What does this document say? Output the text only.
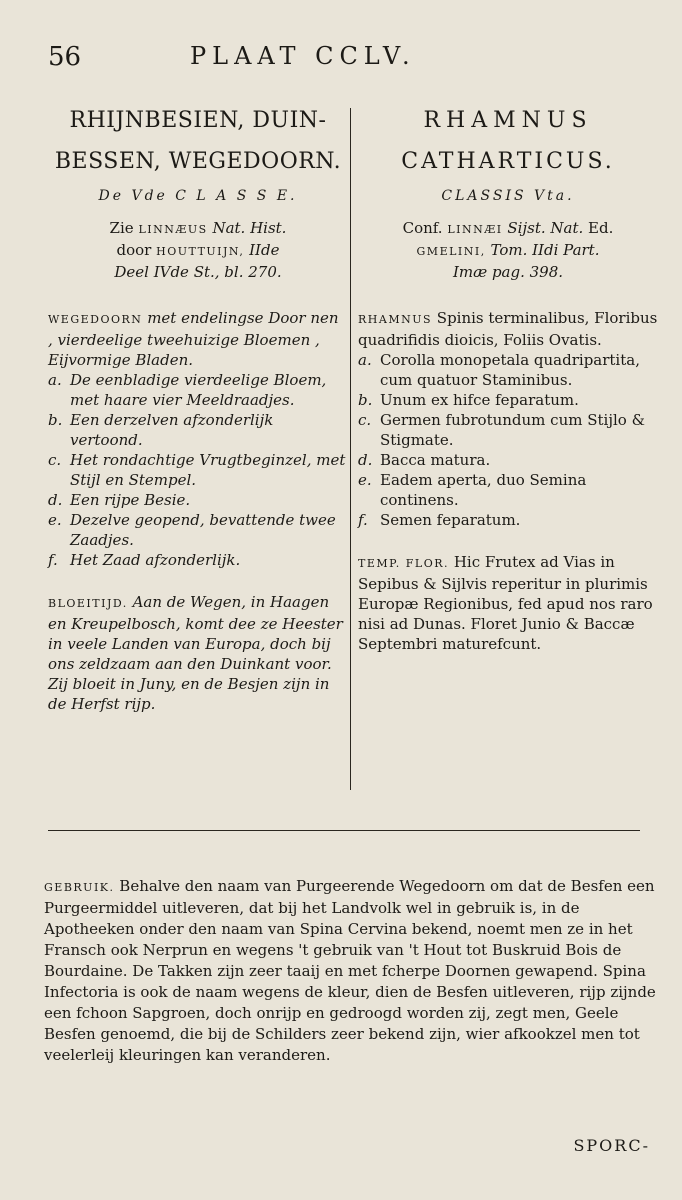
56	PLAAT CCLV.
RHIJNBESIEN, DUIN-
BESSEN, WEGEDOORN.
De Vde C L A S S E.
Zie LINNÆUS Nat. Hist.
door HOUTTUIJN, IIde
Deel IVde St., bl. 270.
WEGEDOORN met endelingse Door nen , vierdeelige tweehuizige Bloemen , Eijvormige Bladen.
a. De eenbladige vierdeelige Bloem, met haare vier Meeldraadjes.
b. Een derzelven afzonderlijk vertoond.
c. Het rondachtige Vrugtbeginzel, met Stijl en Stempel.
d. Een rijpe Besie.
e. Dezelve geopend, bevattende twee Zaadjes.
f. Het Zaad afzonderlijk.
BLOEITIJD. Aan de Wegen, in Haagen en Kreupelbosch, komt dee ze Heester in veele Landen van Europa, doch bij ons zeldzaam aan den Duinkant voor. Zij bloeit in Juny, en de Besjen zijn in de Herfst rijp.
RHAMNUS
CATHARTICUS.
CLASSIS Vta.
Conf. LINNÆI Sijst. Nat. Ed.
GMELINI, Tom. IIdi Part.
Imæ pag. 398.
RHAMNUS Spinis terminalibus, Floribus quadrifidis dioicis, Foliis Ovatis.
a. Corolla monopetala quadripartita, cum quatuor Staminibus.
b. Unum ex hifce feparatum.
c. Germen fubrotundum cum Stijlo & Stigmate.
d. Bacca matura.
e. Eadem aperta, duo Semina continens.
f. Semen feparatum.
TEMP. FLOR. Hic Frutex ad Vias in Sepibus & Sijlvis reperitur in plurimis Europæ Regionibus, fed apud nos raro nisi ad Dunas. Floret Junio & Baccæ Septembri maturefcunt.
GEBRUIK. Behalve den naam van Purgeerende Wegedoorn om dat de Besfen een Purgeermiddel uitleveren, dat bij het Landvolk wel in gebruik is, in de Apotheeken onder den naam van Spina Cervina bekend, noemt men ze in het Fransch ook Nerprun en wegens 't gebruik van 't Hout tot Buskruid Bois de Bourdaine. De Takken zijn zeer taaij en met fcherpe Doornen gewapend. Spina Infectoria is ook de naam wegens de kleur, dien de Besfen uitleveren, rijp zijnde een fchoon Sapgroen, doch onrijp en gedroogd worden zij, zegt men, Geele Besfen genoemd, die bij de Schilders zeer bekend zijn, wier afkookzel men tot veelerleij kleuringen kan veranderen.
SPORC-
